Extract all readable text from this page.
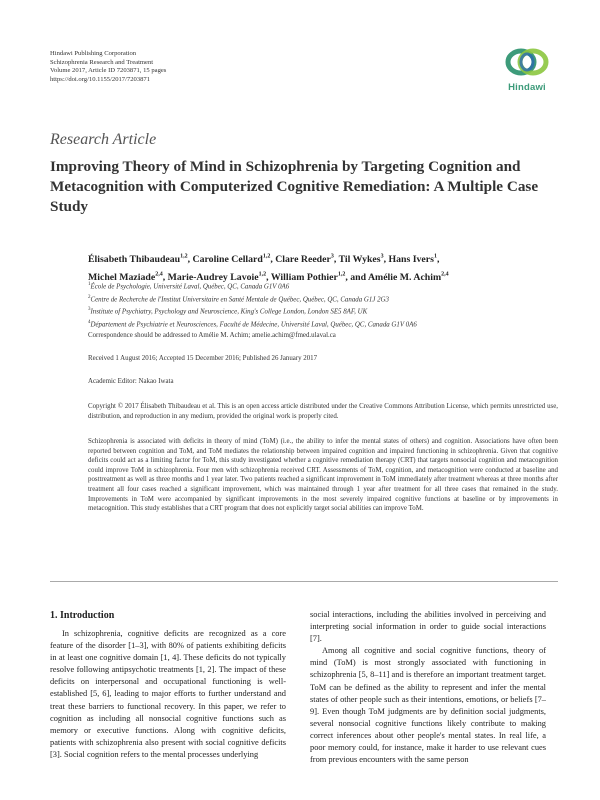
Hindawi Publishing Corporation
Schizophrenia Research and Treatment
Volume 2017, Article ID 7203871, 15 pages
https://doi.org/10.1155/2017/7203871
Hindawi
Research Article
Improving Theory of Mind in Schizophrenia by Targeting Cognition and Metacognition with Computerized Cognitive Remediation: A Multiple Case Study
Élisabeth Thibaudeau$^{1,2}$, Caroline Cellard$^{1,2}$, Clare Reeder$^3$, Til Wykes$^3$, Hans Ivers$^1$,
Michel Maziade$^{2,4}$, Marie-Audrey Lavoie$^{1,2}$, William Pothier$^{1,2}$, and Amélie M. Achim$^{2,4}$
$^1$École de Psychologie, Université Laval, Québec, QC, Canada G1V 0A6
$^2$Centre de Recherche de l'Institut Universitaire en Santé Mentale de Québec, Québec, QC, Canada G1J 2G3
$^3$Institute of Psychiatry, Psychology and Neuroscience, King's College London, London SE5 8AF, UK
$^4$Département de Psychiatrie et Neurosciences, Faculté de Médecine, Université Laval, Québec, QC, Canada G1V 0A6
Correspondence should be addressed to Amélie M. Achim; amelie.achim@fmed.ulaval.ca
Received 1 August 2016; Accepted 15 December 2016; Published 26 January 2017
Academic Editor: Nakao Iwata
Copyright © 2017 Élisabeth Thibaudeau et al. This is an open access article distributed under the Creative Commons Attribution License, which permits unrestricted use, distribution, and reproduction in any medium, provided the original work is properly cited.
Schizophrenia is associated with deficits in theory of mind (ToM) (i.e., the ability to infer the mental states of others) and cognition. Associations have often been reported between cognition and ToM, and ToM mediates the relationship between impaired cognition and impaired functioning in schizophrenia. Given that cognitive deficits could act as a limiting factor for ToM, this study investigated whether a cognitive remediation therapy (CRT) that targets nonsocial cognition and metacognition could improve ToM in schizophrenia. Four men with schizophrenia received CRT. Assessments of ToM, cognition, and metacognition were conducted at baseline and posttreatment as well as three months and 1 year later. Two patients reached a significant improvement in ToM immediately after treatment whereas at three months after treatment all four cases reached a significant improvement, which was maintained through 1 year after treatment for all three cases that remained in the study. Improvements in ToM were accompanied by significant improvements in the most severely impaired cognitive functions at baseline or by improvements in metacognition. This study establishes that a CRT program that does not explicitly target social abilities can improve ToM.
1. Introduction

In schizophrenia, cognitive deficits are recognized as a core feature of the disorder [1–3], with 80% of patients exhibiting deficits in at least one cognitive domain [1, 4]. These deficits do not typically resolve following antipsychotic treatments [1, 2]. The impact of these deficits on interpersonal and occupational functioning is well-established [5, 6], leading to major efforts to further understand and treat these barriers to functional recovery. In this paper, we refer to cognition as including all nonsocial cognitive functions such as memory or executive functions. Along with cognitive deficits, patients with schizophrenia also present with social cognitive deficits [3]. Social cognition refers to the mental processes underlying

social interactions, including the abilities involved in perceiving and interpreting social information in order to guide social interactions [7].

Among all cognitive and social cognitive functions, theory of mind (ToM) is most strongly associated with functioning in schizophrenia [5, 8–11] and is therefore an important treatment target. ToM can be defined as the ability to represent and infer the mental states of other people such as their intentions, emotions, or beliefs [7–9]. Even though ToM judgments are by definition social judgments, several nonsocial cognitive functions likely contribute to making correct inferences about other people's mental states. In real life, a poor memory could, for instance, make it harder to use relevant cues from previous encounters with the same person
